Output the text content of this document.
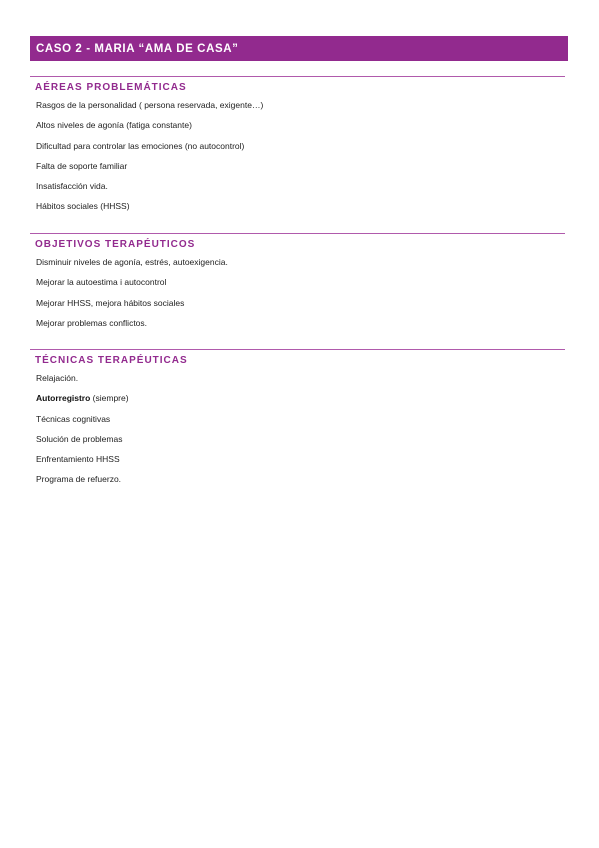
CASO 2 - MARIA “AMA DE CASA”
AÉREAS PROBLEMÁTICAS
Rasgos de la personalidad ( persona reservada, exigente…)
Altos niveles de agonía (fatiga constante)
Dificultad para controlar las emociones (no autocontrol)
Falta de soporte familiar
Insatisfacción vida.
Hábitos sociales (HHSS)
OBJETIVOS TERAPÉUTICOS
Disminuir niveles de agonía, estrés, autoexigencia.
Mejorar la autoestima i autocontrol
Mejorar HHSS, mejora hábitos sociales
Mejorar problemas conflictos.
TÉCNICAS TERAPÉUTICAS
Relajación.
Autorregistro (siempre)
Técnicas cognitivas
Solución de problemas
Enfrentamiento HHSS
Programa de refuerzo.
